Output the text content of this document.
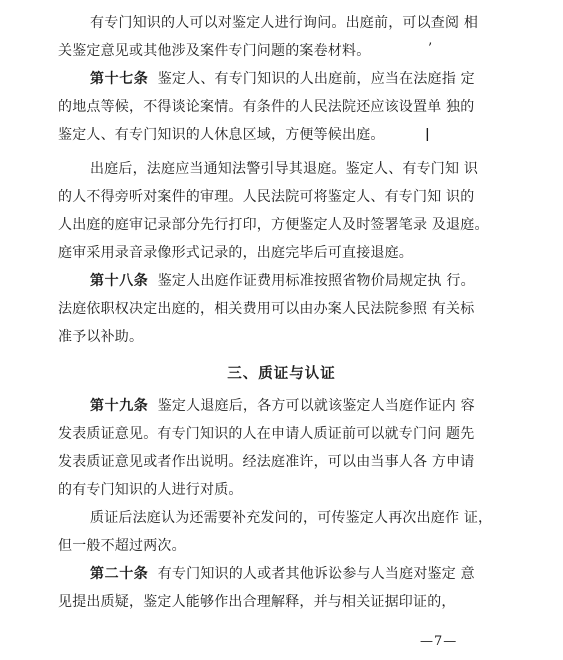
有专门知识的人可以对鉴定人进行询问。出庭前，可以查阅 相
关鉴定意见或其他涉及案件专门问题的案卷材料。	’
第十七条 鉴定人、有专门知识的人出庭前，应当在法庭指 定
的地点等候，不得谈论案情。有条件的人民法院还应该设置单 独的
鉴定人、有专门知识的人休息区域，方便等候出庭。	|
出庭后，法庭应当通知法警引导其退庭。鉴定人、有专门知 识
的人不得旁听对案件的审理。人民法院可将鉴定人、有专门知 识的
人出庭的庭审记录部分先行打印，方便鉴定人及时签署笔录 及退庭。
庭审采用录音录像形式记录的，出庭完毕后可直接退庭。
第十八条 鉴定人出庭作证费用标准按照省物价局规定执 行。
法庭依职权决定出庭的，相关费用可以由办案人民法院参照 有关标
准予以补助。
三、质证与认证
第十九条 鉴定人退庭后，各方可以就该鉴定人当庭作证内 容
发表质证意见。有专门知识的人在申请人质证前可以就专门问 题先
发表质证意见或者作出说明。经法庭准许，可以由当事人各 方申请
的有专门知识的人进行对质。
质证后法庭认为还需要补充发问的，可传鉴定人再次出庭作 证，
但一般不超过两次。
第二十条 有专门知识的人或者其他诉讼参与人当庭对鉴定 意
见提出质疑，鉴定人能够作出合理解释，并与相关证据印证的，
—7—
